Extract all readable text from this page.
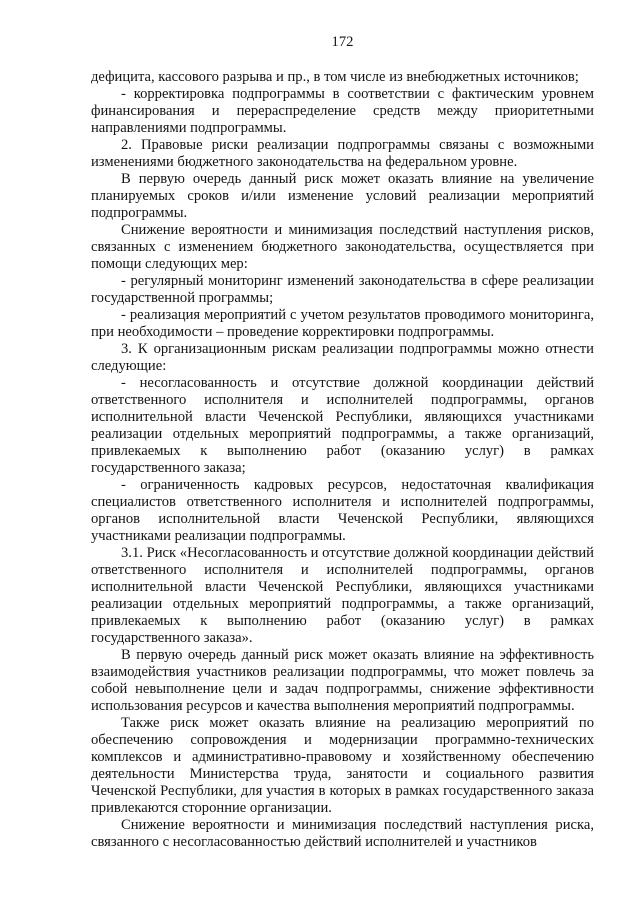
172

дефицита, кассового разрыва и пр., в том числе из внебюджетных источников;

- корректировка подпрограммы в соответствии с фактическим уровнем финансирования и перераспределение средств между приоритетными направлениями подпрограммы.

2. Правовые риски реализации подпрограммы связаны с возможными изменениями бюджетного законодательства на федеральном уровне.

В первую очередь данный риск может оказать влияние на увеличение планируемых сроков и/или изменение условий реализации мероприятий подпрограммы.

Снижение вероятности и минимизация последствий наступления рисков, связанных с изменением бюджетного законодательства, осуществляется при помощи следующих мер:

- регулярный мониторинг изменений законодательства в сфере реализации государственной программы;

- реализация мероприятий с учетом результатов проводимого мониторинга, при необходимости – проведение корректировки подпрограммы.

3. К организационным рискам реализации подпрограммы можно отнести следующие:

- несогласованность и отсутствие должной координации действий ответственного исполнителя и исполнителей подпрограммы, органов исполнительной власти Чеченской Республики, являющихся участниками реализации отдельных мероприятий подпрограммы, а также организаций, привлекаемых к выполнению работ (оказанию услуг) в рамках государственного заказа;

- ограниченность кадровых ресурсов, недостаточная квалификация специалистов ответственного исполнителя и исполнителей подпрограммы, органов исполнительной власти Чеченской Республики, являющихся участниками реализации подпрограммы.

3.1. Риск «Несогласованность и отсутствие должной координации действий ответственного исполнителя и исполнителей подпрограммы, органов исполнительной власти Чеченской Республики, являющихся участниками реализации отдельных мероприятий подпрограммы, а также организаций, привлекаемых к выполнению работ (оказанию услуг) в рамках государственного заказа».

В первую очередь данный риск может оказать влияние на эффективность взаимодействия участников реализации подпрограммы, что может повлечь за собой невыполнение цели и задач подпрограммы, снижение эффективности использования ресурсов и качества выполнения мероприятий подпрограммы.

Также риск может оказать влияние на реализацию мероприятий по обеспечению сопровождения и модернизации программно-технических комплексов и административно-правовому и хозяйственному обеспечению деятельности Министерства труда, занятости и социального развития Чеченской Республики, для участия в которых в рамках государственного заказа привлекаются сторонние организации.

Снижение вероятности и минимизация последствий наступления риска, связанного с несогласованностью действий исполнителей и участников
